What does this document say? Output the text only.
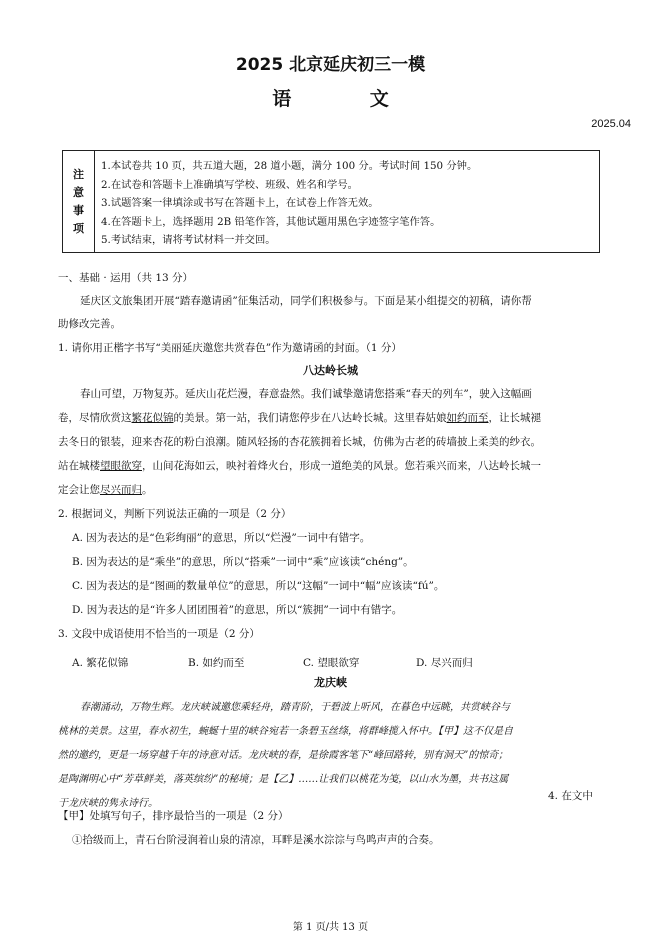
2025 北京延庆初三一模
语 文
2025.04
注
意
事
项
1.本试卷共 10 页，共五道大题，28 道小题，满分 100 分。考试时间 150 分钟。
2.在试卷和答题卡上准确填写学校、班级、姓名和学号。
3.试题答案一律填涂或书写在答题卡上，在试卷上作答无效。
4.在答题卡上，选择题用 2B 铅笔作答，其他试题用黑色字迹签字笔作答。
5.考试结束，请将考试材料一并交回。
一、基础 · 运用（共 13 分）
延庆区文旅集团开展“踏春邀请函”征集活动，同学们积极参与。下面是某小组提交的初稿，请你帮
助修改完善。
1. 请你用正楷字书写“美丽延庆邀您共赏春色”作为邀请函的封面。（1 分）
八达岭长城
春山可望，万物复苏。延庆山花烂漫，春意盎然。我们诚挚邀请您搭乘“春天的列车”，驶入这幅画
卷，尽情欣赏这繁花似锦的美景。第一站，我们请您停步在八达岭长城。这里春姑娘如约而至，让长城褪
去冬日的银装，迎来杏花的粉白浪潮。随风轻扬的杏花簇拥着长城，仿佛为古老的砖墙披上柔美的纱衣。
站在城楼望眼欲穿，山间花海如云，映衬着烽火台，形成一道绝美的风景。您若乘兴而来，八达岭长城一
定会让您尽兴而归。
2. 根据词义，判断下列说法正确的一项是（2 分）
A. 因为表达的是“色彩绚丽”的意思，所以“烂漫”一词中有错字。
B. 因为表达的是“乘坐”的意思，所以“搭乘”一词中“乘”应该读“chéng”。
C. 因为表达的是“图画的数量单位”的意思，所以“这幅”一词中“幅”应该读“fú”。
D. 因为表达的是“许多人团团围着”的意思，所以“簇拥”一词中有错字。
3. 文段中成语使用不恰当的一项是（2 分）
A. 繁花似锦	B. 如约而至	C. 望眼欲穿	D. 尽兴而归
龙庆峡
春潮涌动，万物生辉。龙庆峡诚邀您乘轻舟，踏青阶，于碧波上听风，在暮色中远眺，共赏峡谷与
桃林的美景。这里，春水初生，蜿蜒十里的峡谷宛若一条碧玉丝绦，将群峰揽入怀中。【甲】这不仅是自
然的邀约，更是一场穿越千年的诗意对话。龙庆峡的春，是徐霞客笔下“峰回路转，别有洞天”的惊奇；
是陶渊明心中“芳草鲜美，落英缤纷”的秘境；是【乙】……让我们以桃花为笺，以山水为墨，共书这属
于龙庆峡的隽永诗行。
4. 在文中
【甲】处填写句子，排序最恰当的一项是（2 分）
①拾级而上，青石台阶浸润着山泉的清凉，耳畔是溪水淙淙与鸟鸣声声的合奏。
第 1 页/共 13 页
